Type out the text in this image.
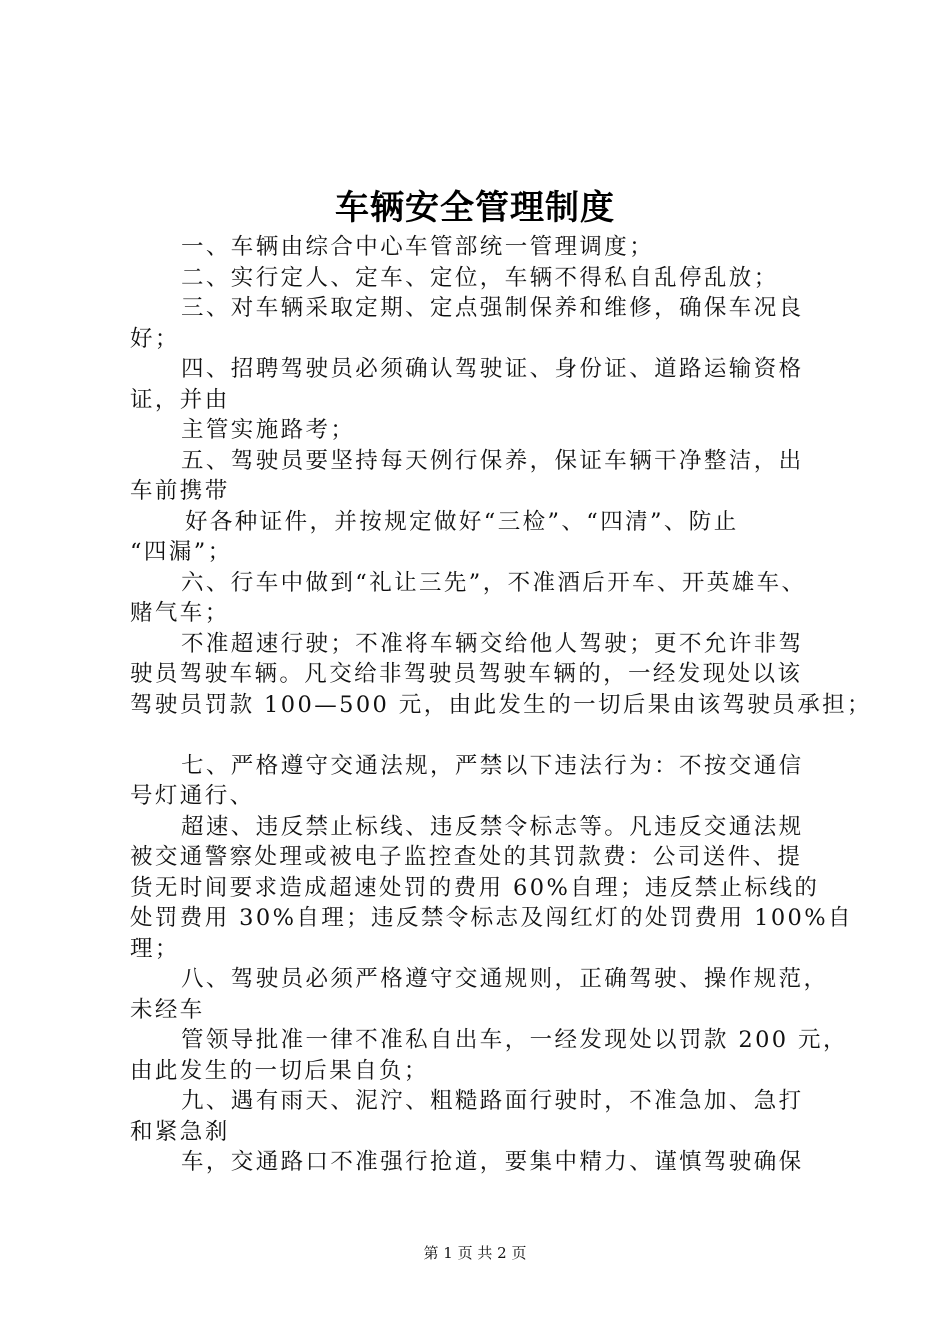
车辆安全管理制度
一、车辆由综合中心车管部统一管理调度；
二、实行定人、定车、定位，车辆不得私自乱停乱放；
三、对车辆采取定期、定点强制保养和维修，确保车况良
好；
四、招聘驾驶员必须确认驾驶证、身份证、道路运输资格
证，并由
主管实施路考；
五、驾驶员要坚持每天例行保养，保证车辆干净整洁，出
车前携带
好各种证件，并按规定做好“三检”、“四清”、防止
“四漏”；
六、行车中做到“礼让三先”，不准酒后开车、开英雄车、
赌气车；
不准超速行驶；不准将车辆交给他人驾驶；更不允许非驾
驶员驾驶车辆。凡交给非驾驶员驾驶车辆的，一经发现处以该
驾驶员罚款 100—500 元，由此发生的一切后果由该驾驶员承担；
七、严格遵守交通法规，严禁以下违法行为：不按交通信
号灯通行、
超速、违反禁止标线、违反禁令标志等。凡违反交通法规
被交通警察处理或被电子监控查处的其罚款费：公司送件、提
货无时间要求造成超速处罚的费用 60%自理；违反禁止标线的
处罚费用 30%自理；违反禁令标志及闯红灯的处罚费用 100%自
理；
八、驾驶员必须严格遵守交通规则，正确驾驶、操作规范，
未经车
管领导批准一律不准私自出车，一经发现处以罚款 200 元，
由此发生的一切后果自负；
九、遇有雨天、泥泞、粗糙路面行驶时，不准急加、急打
和紧急刹
车，交通路口不准强行抢道，要集中精力、谨慎驾驶确保
第 1 页 共 2 页
